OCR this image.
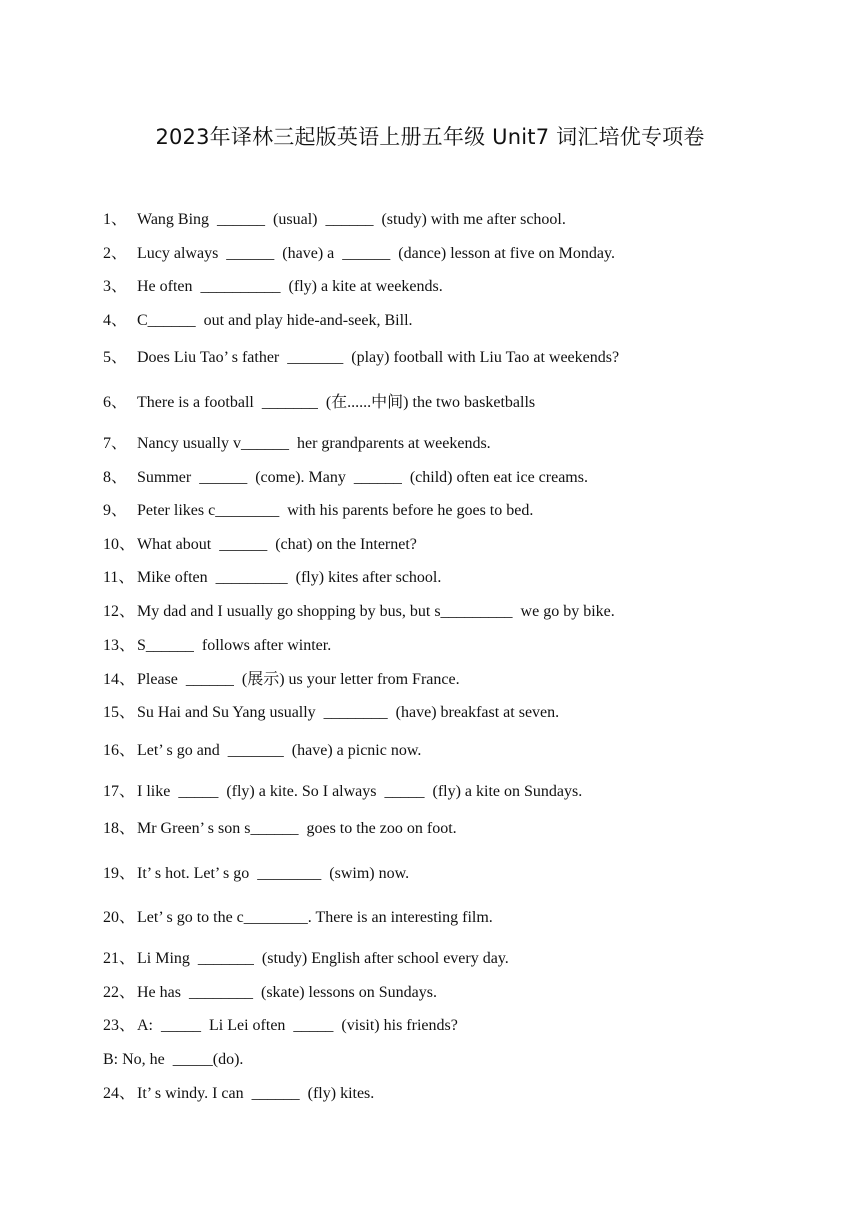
2023年译林三起版英语上册五年级 Unit7 词汇培优专项卷
1、 Wang Bing  ______  (usual)  ______  (study) with me after school.
2、 Lucy always  ______  (have) a  ______  (dance) lesson at five on Monday.
3、 He often  __________  (fly) a kite at weekends.
4、 C______  out and play hide-and-seek, Bill.
5、 Does Liu Tao’ s father  _______  (play) football with Liu Tao at weekends?
6、 There is a football  _______  (在......中间) the two basketballs
7、 Nancy usually v______  her grandparents at weekends.
8、 Summer  ______  (come). Many  ______  (child) often eat ice creams.
9、 Peter likes c________  with his parents before he goes to bed.
10、 What about  ______  (chat) on the Internet?
11、 Mike often  _________  (fly) kites after school.
12、 My dad and I usually go shopping by bus, but s_________  we go by bike.
13、 S______  follows after winter.
14、 Please  ______  (展示) us your letter from France.
15、 Su Hai and Su Yang usually  ________  (have) breakfast at seven.
16、 Let’ s go and  _______  (have) a picnic now.
17、 I like  _____  (fly) a kite. So I always  _____  (fly) a kite on Sundays.
18、 Mr Green’ s son s______  goes to the zoo on foot.
19、 It’ s hot. Let’ s go  ________  (swim) now.
20、 Let’ s go to the c________. There is an interesting film.
21、 Li Ming  _______  (study) English after school every day.
22、 He has  ________  (skate) lessons on Sundays.
23、 A:  _____  Li Lei often  _____  (visit) his friends?
B: No, he  _____(do).
24、 It’ s windy. I can  ______  (fly) kites.
